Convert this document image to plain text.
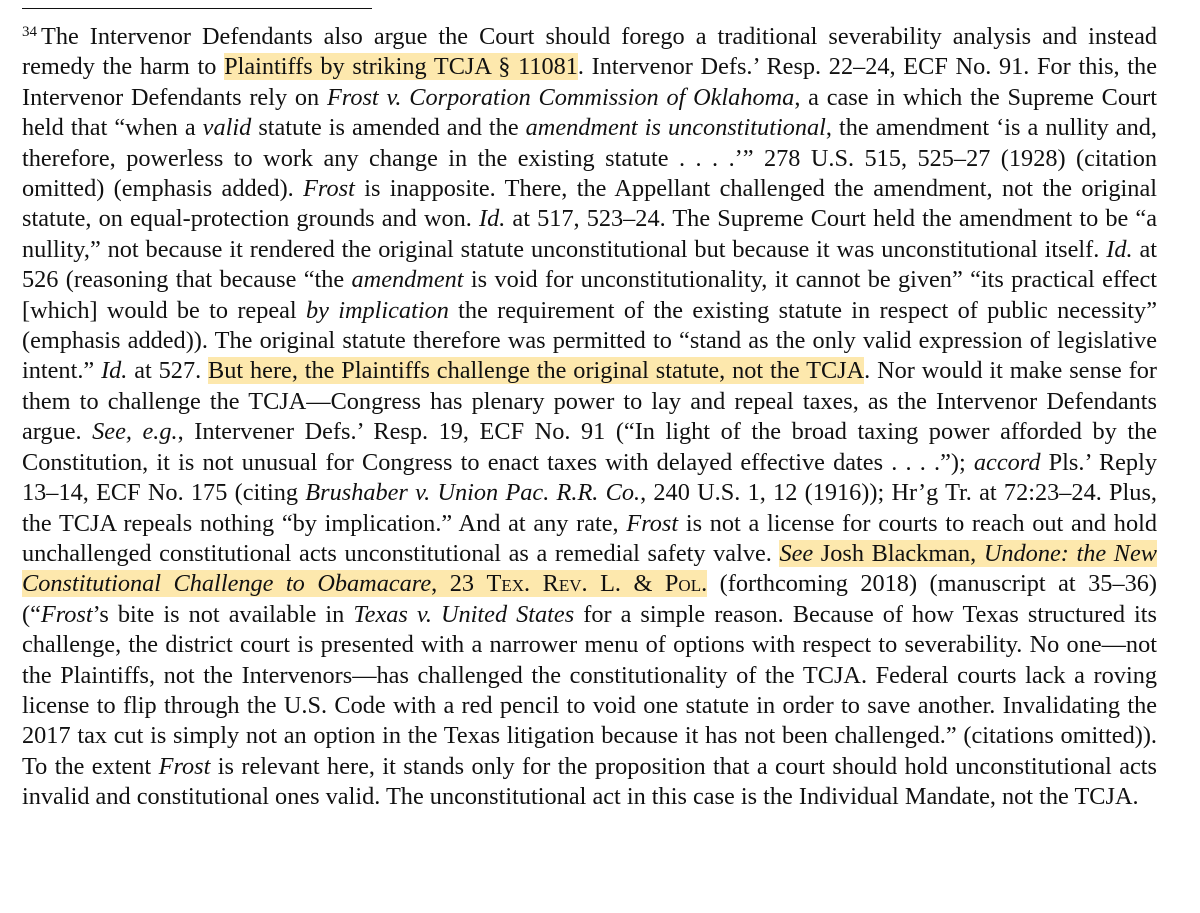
$^{34}$ The Intervenor Defendants also argue the Court should forego a traditional severability analysis and instead remedy the harm to Plaintiffs by striking TCJA § 11081. Intervenor Defs.’ Resp. 22–24, ECF No. 91. For this, the Intervenor Defendants rely on Frost v. Corporation Commission of Oklahoma, a case in which the Supreme Court held that “when a valid statute is amended and the amendment is unconstitutional, the amendment ‘is a nullity and, therefore, powerless to work any change in the existing statute . . . .’” 278 U.S. 515, 525–27 (1928) (citation omitted) (emphasis added). Frost is inapposite. There, the Appellant challenged the amendment, not the original statute, on equal-protection grounds and won. Id. at 517, 523–24. The Supreme Court held the amendment to be “a nullity,” not because it rendered the original statute unconstitutional but because it was unconstitutional itself. Id. at 526 (reasoning that because “the amendment is void for unconstitutionality, it cannot be given” “its practical effect [which] would be to repeal by implication the requirement of the existing statute in respect of public necessity” (emphasis added)). The original statute therefore was permitted to “stand as the only valid expression of legislative intent.” Id. at 527. But here, the Plaintiffs challenge the original statute, not the TCJA. Nor would it make sense for them to challenge the TCJA—Congress has plenary power to lay and repeal taxes, as the Intervenor Defendants argue. See, e.g., Intervener Defs.’ Resp. 19, ECF No. 91 (“In light of the broad taxing power afforded by the Constitution, it is not unusual for Congress to enact taxes with delayed effective dates . . . .”); accord Pls.’ Reply 13–14, ECF No. 175 (citing Brushaber v. Union Pac. R.R. Co., 240 U.S. 1, 12 (1916)); Hr’g Tr. at 72:23–24. Plus, the TCJA repeals nothing “by implication.” And at any rate, Frost is not a license for courts to reach out and hold unchallenged constitutional acts unconstitutional as a remedial safety valve. See Josh Blackman, Undone: the New Constitutional Challenge to Obamacare, 23 Tex. Rev. L. & Pol. (forthcoming 2018) (manuscript at 35–36) (“Frost’s bite is not available in Texas v. United States for a simple reason. Because of how Texas structured its challenge, the district court is presented with a narrower menu of options with respect to severability. No one—not the Plaintiffs, not the Intervenors—has challenged the constitutionality of the TCJA. Federal courts lack a roving license to flip through the U.S. Code with a red pencil to void one statute in order to save another. Invalidating the 2017 tax cut is simply not an option in the Texas litigation because it has not been challenged.” (citations omitted)). To the extent Frost is relevant here, it stands only for the proposition that a court should hold unconstitutional acts invalid and constitutional ones valid. The unconstitutional act in this case is the Individual Mandate, not the TCJA.
